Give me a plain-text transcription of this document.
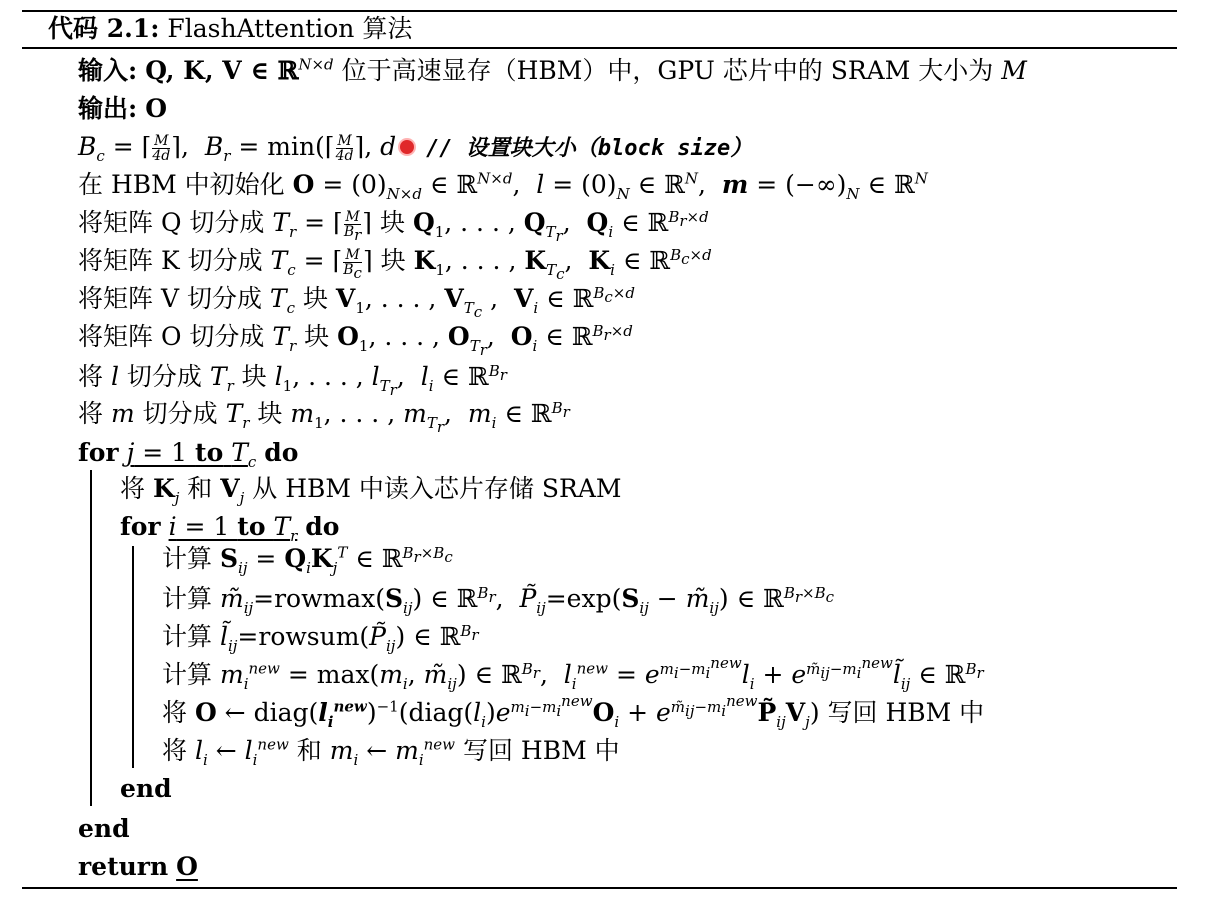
代码 2.1: FlashAttention 算法
输入: Q, K, V ∈ ℝ$^{N\times d}$ 位于高速显存（HBM）中，GPU 芯片中的 SRAM 大小为 M
输出: O
$B_c$ = ⌈ $\frac{M}{4d}$ ⌉,  $B_r$ = min(⌈ $\frac{M}{4d}$ ⌉, d // 设置块大小（block size）
在 HBM 中初始化 $O = (0)_{N\times d}$ ∈ ℝ$^{N\times d}$,  $l = (0)_N$ ∈ ℝ$^N$,  $m = (-\infty)_N$ ∈ ℝ$^N$
将矩阵 Q 切分成 $T_r$ = ⌈ $\frac{M}{B_r}$ ⌉ 块 $Q_1$, . . . , $Q_{T_r}$,  $Q_i$ ∈ ℝ$^{B_r\times d}$
将矩阵 K 切分成 $T_c$ = ⌈ $\frac{M}{B_c}$ ⌉ 块 $K_1$, . . . , $K_{T_c}$,  $K_i$ ∈ ℝ$^{B_c\times d}$
将矩阵 V 切分成 $T_c$ 块 $V_1$, . . . , $V_{T_c}$ ,  $V_i$ ∈ ℝ$^{B_c\times d}$
将矩阵 O 切分成 $T_r$ 块 $O_1$, . . . , $O_{T_r}$,  $O_i$ ∈ ℝ$^{B_r\times d}$
将 l 切分成 $T_r$ 块 $l_1$, . . . , $l_{T_r}$,  $l_i$ ∈ ℝ$^{B_r}$
将 m 切分成 $T_r$ 块 $m_1$, . . . , $m_{T_r}$,  $m_i$ ∈ ℝ$^{B_r}$
for j = 1 to $T_c$ do
将 $K_j$ 和 $V_j$ 从 HBM 中读入芯片存储 SRAM
for i = 1 to $T_r$ do
计算 $S_{ij} = Q_iK_j^T$ ∈ ℝ$^{B_r\times B_c}$
计算 $m̃_{ij}=rowmax(S_{ij})$ ∈ ℝ$^{B_r}$,  $P̃_{ij}=\exp(S_{ij}$ − $m̃_{ij}$) ∈ ℝ$^{B_r\times B_c}$
计算 $l̃_{ij}=rowsum(P̃_{ij})$ ∈ ℝ$^{B_r}$
计算 $m_i^{new} = \max(m_i$, $m̃_{ij}$) ∈ ℝ$^{B_r}$,  $l_i^{new} = e^{m_i-m_i^{new}}l_i$ + $e^{m̃_{ij}-m_i^{new}}l̃_{ij}$ ∈ ℝ$^{B_r}$
将 O ← $diag(l_i^{new})^{-1}(diag(l_i)e^{m_i-m_i^{new}}O_i$ + $e^{m̃_{ij}-m_i^{new}}P̃_{ij}V_j$) 写回 HBM 中
将 $l_i$ ← $l_i^{new}$ 和 $m_i$ ← $m_i^{new}$ 写回 HBM 中
end
end
return O
